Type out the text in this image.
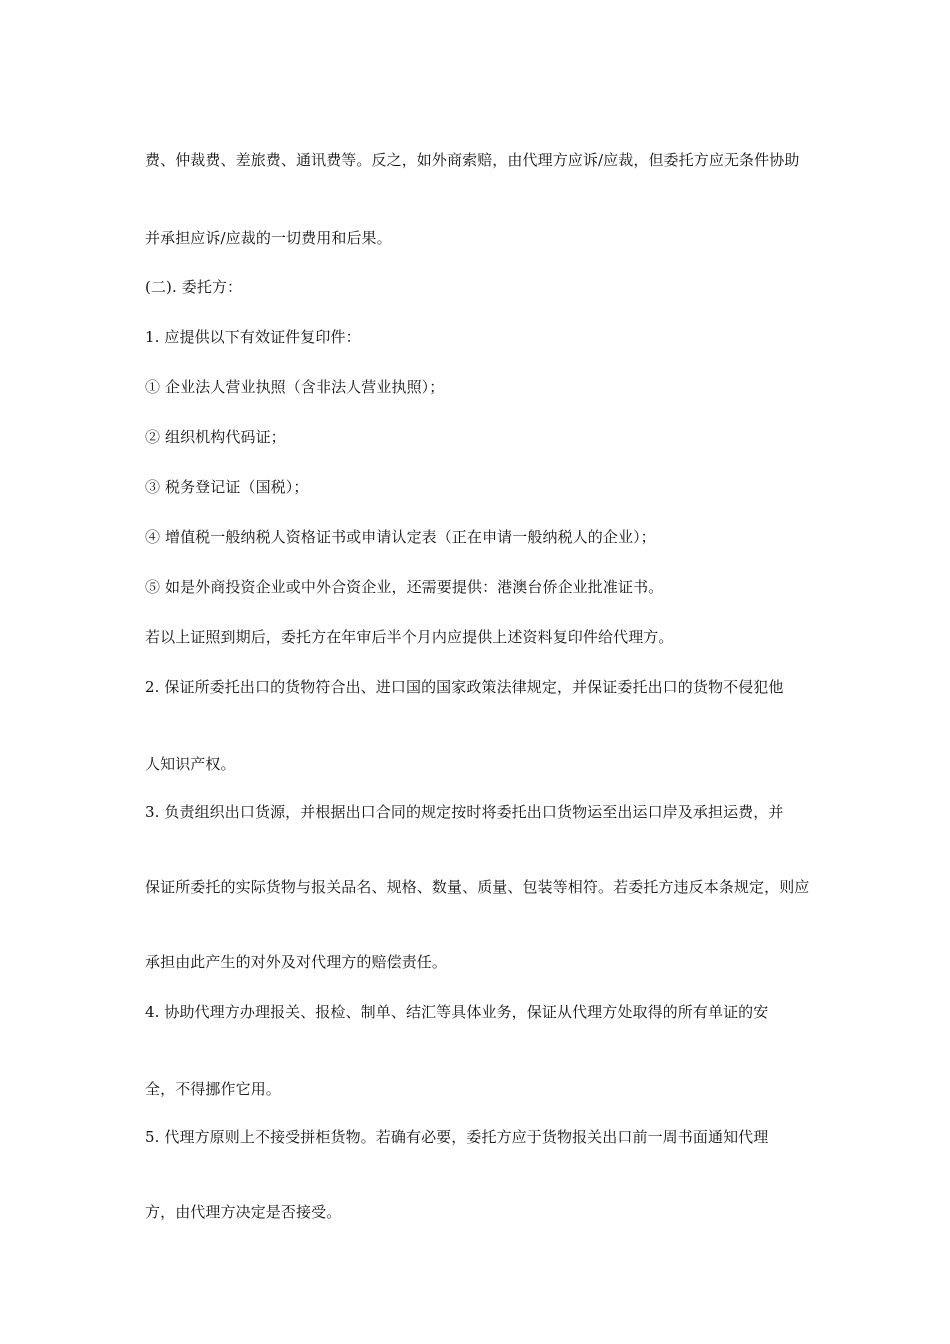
费、仲裁费、差旅费、通讯费等。反之，如外商索赔，由代理方应诉/应裁，但委托方应无条件协助

并承担应诉/应裁的一切费用和后果。

(二). 委托方：

1. 应提供以下有效证件复印件：

① 企业法人营业执照（含非法人营业执照）；

② 组织机构代码证；

③ 税务登记证（国税）；

④ 增值税一般纳税人资格证书或申请认定表（正在申请一般纳税人的企业）；

⑤ 如是外商投资企业或中外合资企业，还需要提供：港澳台侨企业批准证书。

若以上证照到期后，委托方在年审后半个月内应提供上述资料复印件给代理方。

2. 保证所委托出口的货物符合出、进口国的国家政策法律规定，并保证委托出口的货物不侵犯他

人知识产权。

3. 负责组织出口货源，并根据出口合同的规定按时将委托出口货物运至出运口岸及承担运费，并

保证所委托的实际货物与报关品名、规格、数量、质量、包装等相符。若委托方违反本条规定，则应

承担由此产生的对外及对代理方的赔偿责任。

4. 协助代理方办理报关、报检、制单、结汇等具体业务，保证从代理方处取得的所有单证的安

全，不得挪作它用。

5. 代理方原则上不接受拼柜货物。若确有必要，委托方应于货物报关出口前一周书面通知代理

方，由代理方决定是否接受。
